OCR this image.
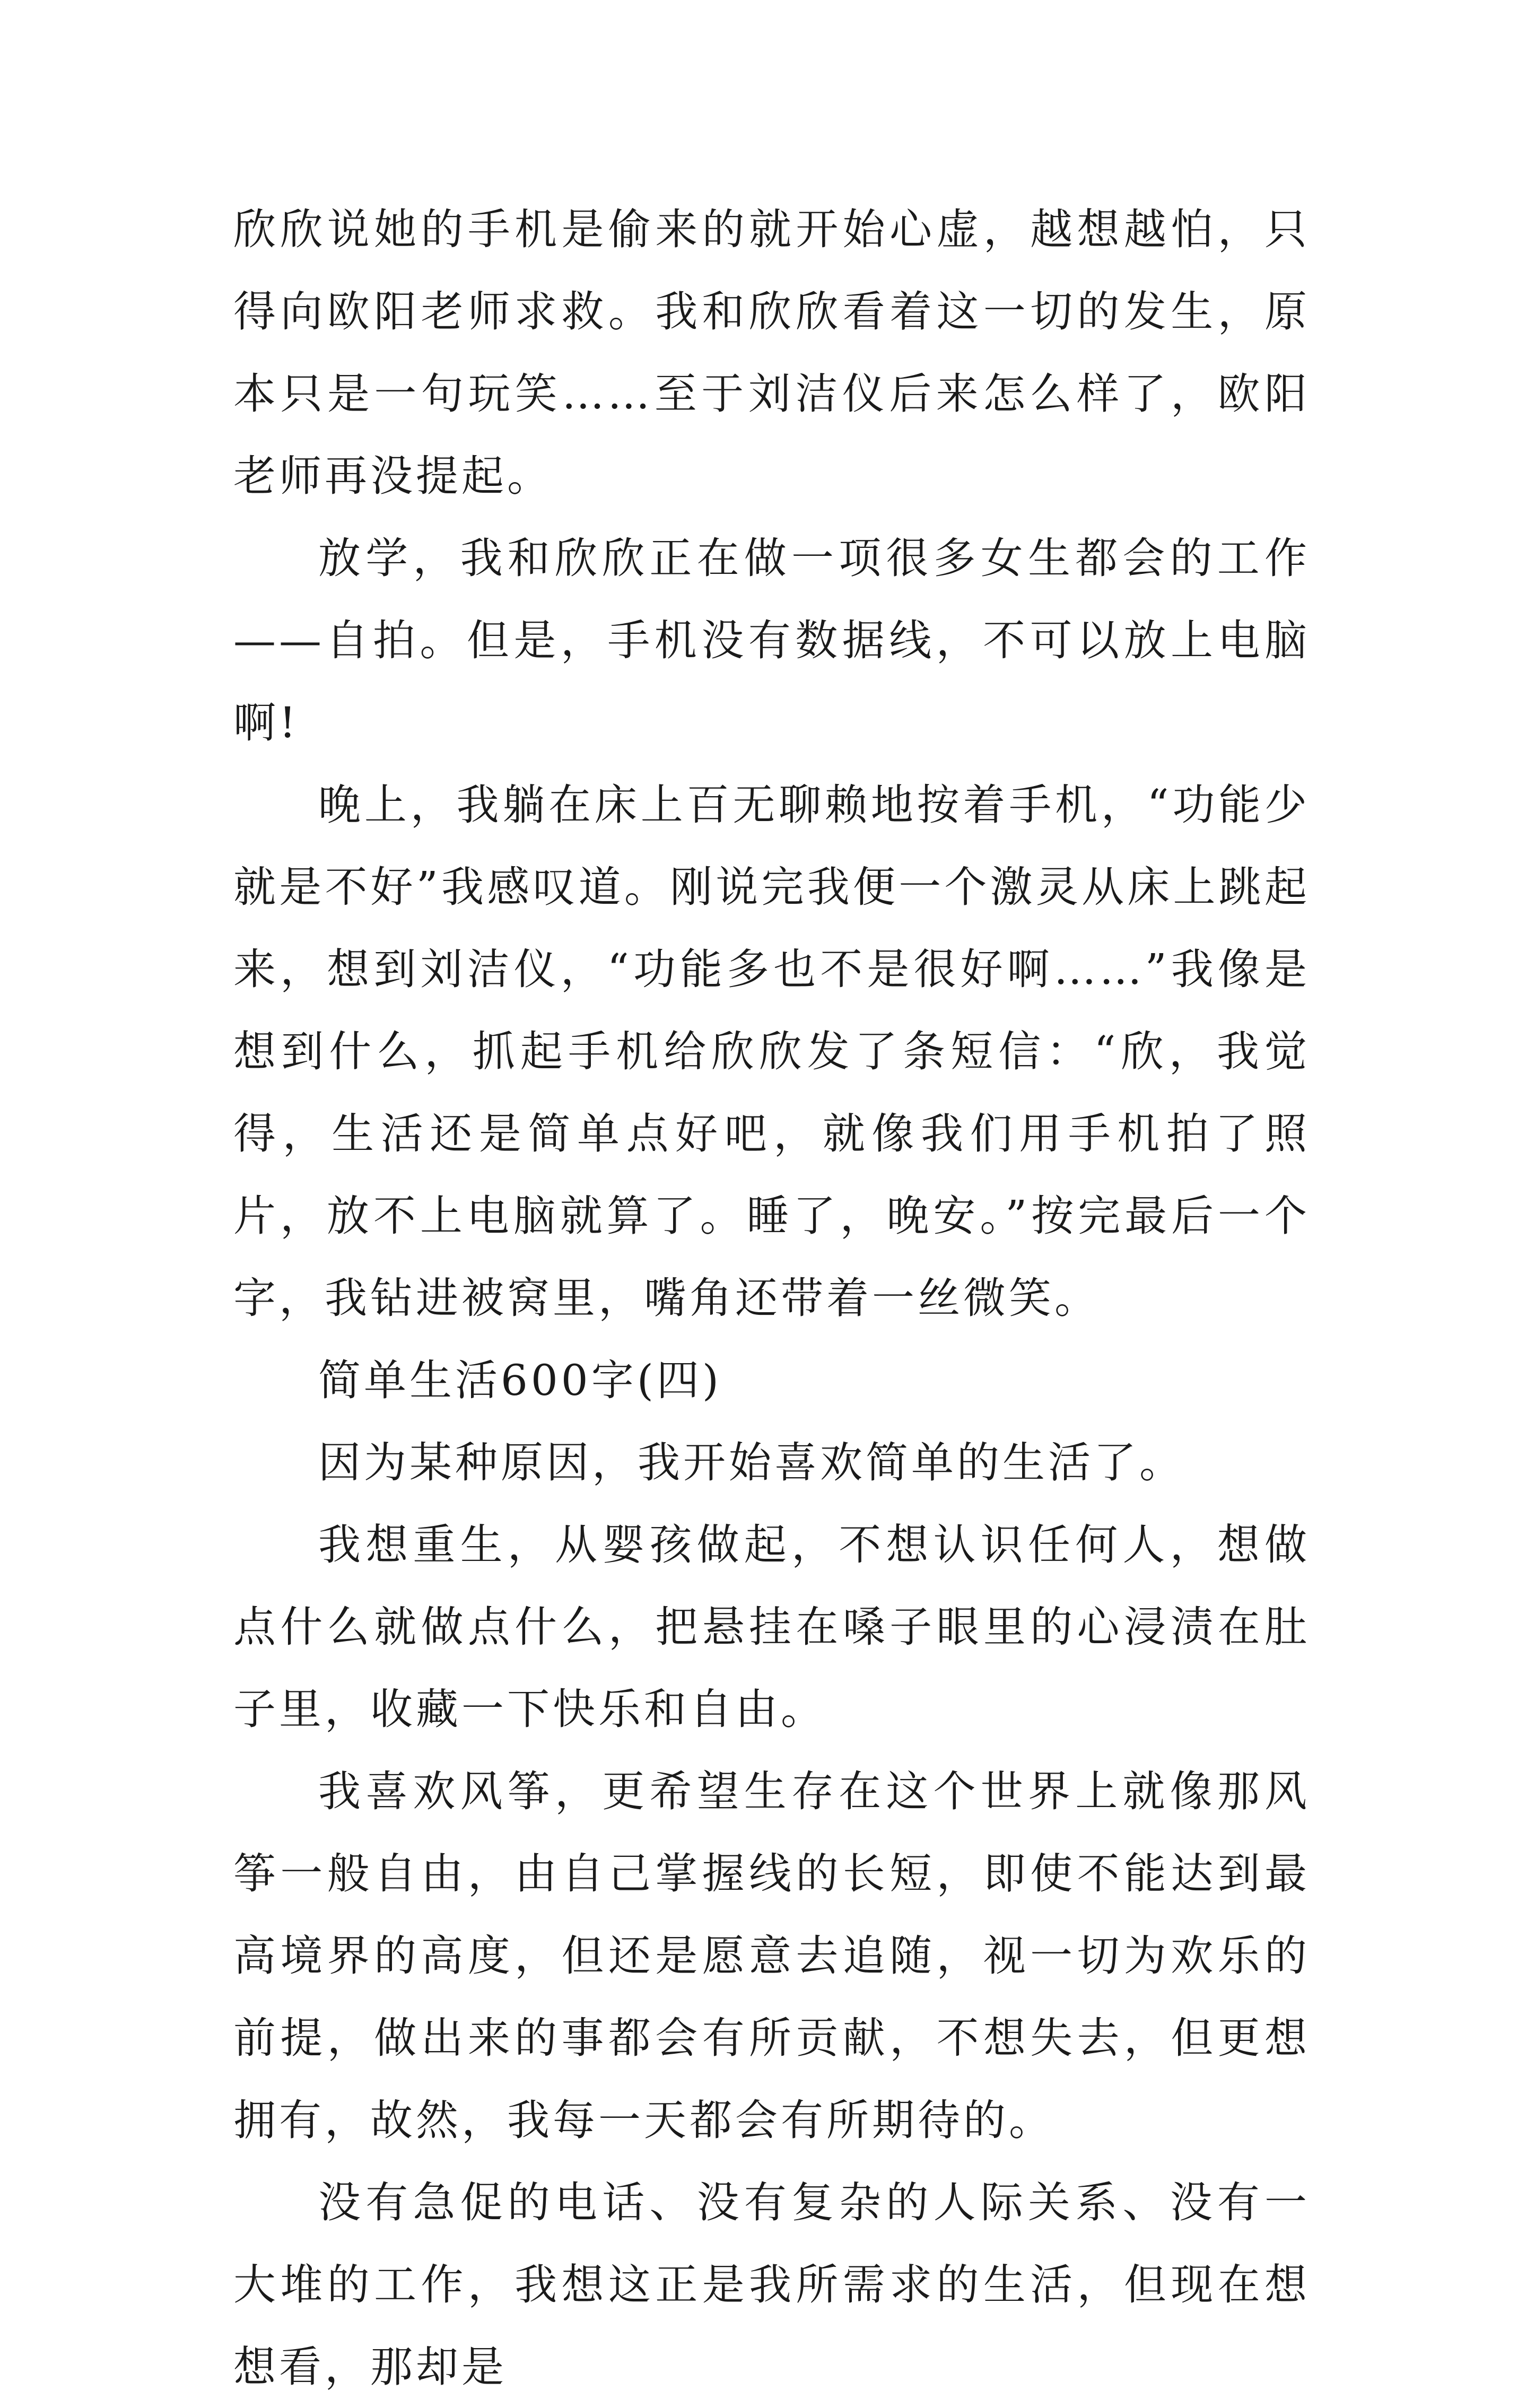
欣欣说她的手机是偷来的就开始心虚，越想越怕，只得向欧阳老师求救。我和欣欣看着这一切的发生，原本只是一句玩笑……至于刘洁仪后来怎么样了，欧阳老师再没提起。

放学，我和欣欣正在做一项很多女生都会的工作——自拍。但是，手机没有数据线，不可以放上电脑啊!

晚上，我躺在床上百无聊赖地按着手机，“功能少就是不好”我感叹道。刚说完我便一个激灵从床上跳起来，想到刘洁仪，“功能多也不是很好啊……”我像是想到什么，抓起手机给欣欣发了条短信：“欣，我觉得，生活还是简单点好吧，就像我们用手机拍了照片，放不上电脑就算了。睡了，晚安。”按完最后一个字，我钻进被窝里，嘴角还带着一丝微笑。

简单生活600字(四)

因为某种原因，我开始喜欢简单的生活了。

我想重生，从婴孩做起，不想认识任何人，想做点什么就做点什么，把悬挂在嗓子眼里的心浸渍在肚子里，收藏一下快乐和自由。

我喜欢风筝，更希望生存在这个世界上就像那风筝一般自由，由自己掌握线的长短，即使不能达到最高境界的高度，但还是愿意去追随，视一切为欢乐的前提，做出来的事都会有所贡献，不想失去，但更想拥有，故然，我每一天都会有所期待的。

没有急促的电话、没有复杂的人际关系、没有一大堆的工作，我想这正是我所需求的生活，但现在想想看，那却是
